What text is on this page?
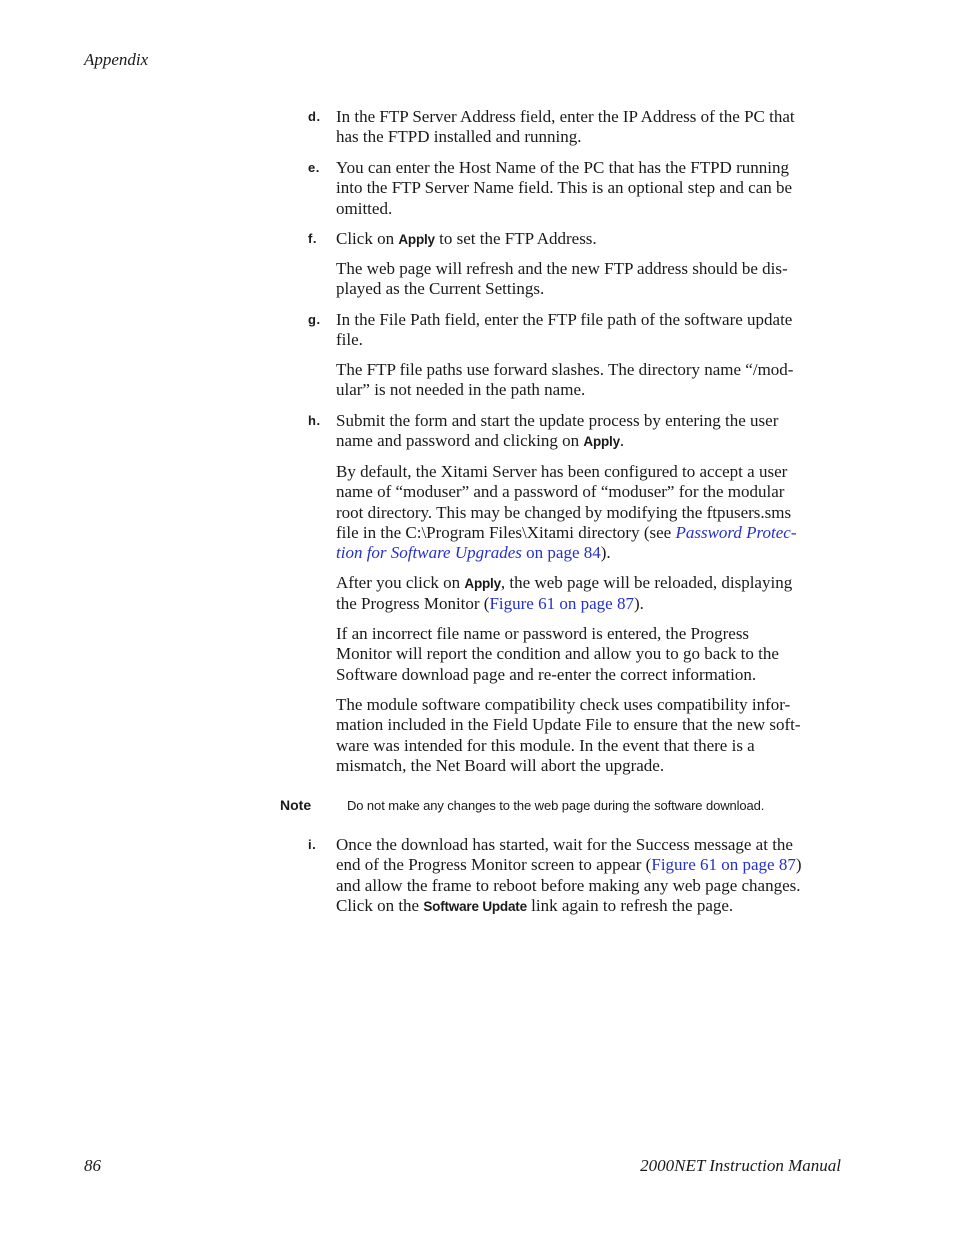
Appendix
d. In the FTP Server Address field, enter the IP Address of the PC that
has the FTPD installed and running.
e. You can enter the Host Name of the PC that has the FTPD running
into the FTP Server Name field. This is an optional step and can be
omitted.
f.	Click on Apply to set the FTP Address.
The web page will refresh and the new FTP address should be dis-
played as the Current Settings.
g. In the File Path field, enter the FTP file path of the software update
file.
The FTP file paths use forward slashes. The directory name “/mod-
ular” is not needed in the path name.
h. Submit the form and start the update process by entering the user
name and password and clicking on Apply.
By default, the Xitami Server has been configured to accept a user
name of “moduser” and a password of “moduser” for the modular
root directory. This may be changed by modifying the ftpusers.sms
file in the C:\Program Files\Xitami directory (see Password Protec-
tion for Software Upgrades on page 84).
After you click on Apply, the web page will be reloaded, displaying
the Progress Monitor (Figure 61 on page 87).
If an incorrect file name or password is entered, the Progress
Monitor will report the condition and allow you to go back to the
Software download page and re-enter the correct information.
The module software compatibility check uses compatibility infor-
mation included in the Field Update File to ensure that the new soft-
ware was intended for this module. In the event that there is a
mismatch, the Net Board will abort the upgrade.
Note	Do not make any changes to the web page during the software download.
i.	Once the download has started, wait for the Success message at the
end of the Progress Monitor screen to appear (Figure 61 on page 87)
and allow the frame to reboot before making any web page changes.
Click on the Software Update link again to refresh the page.
86	2000NET Instruction Manual
